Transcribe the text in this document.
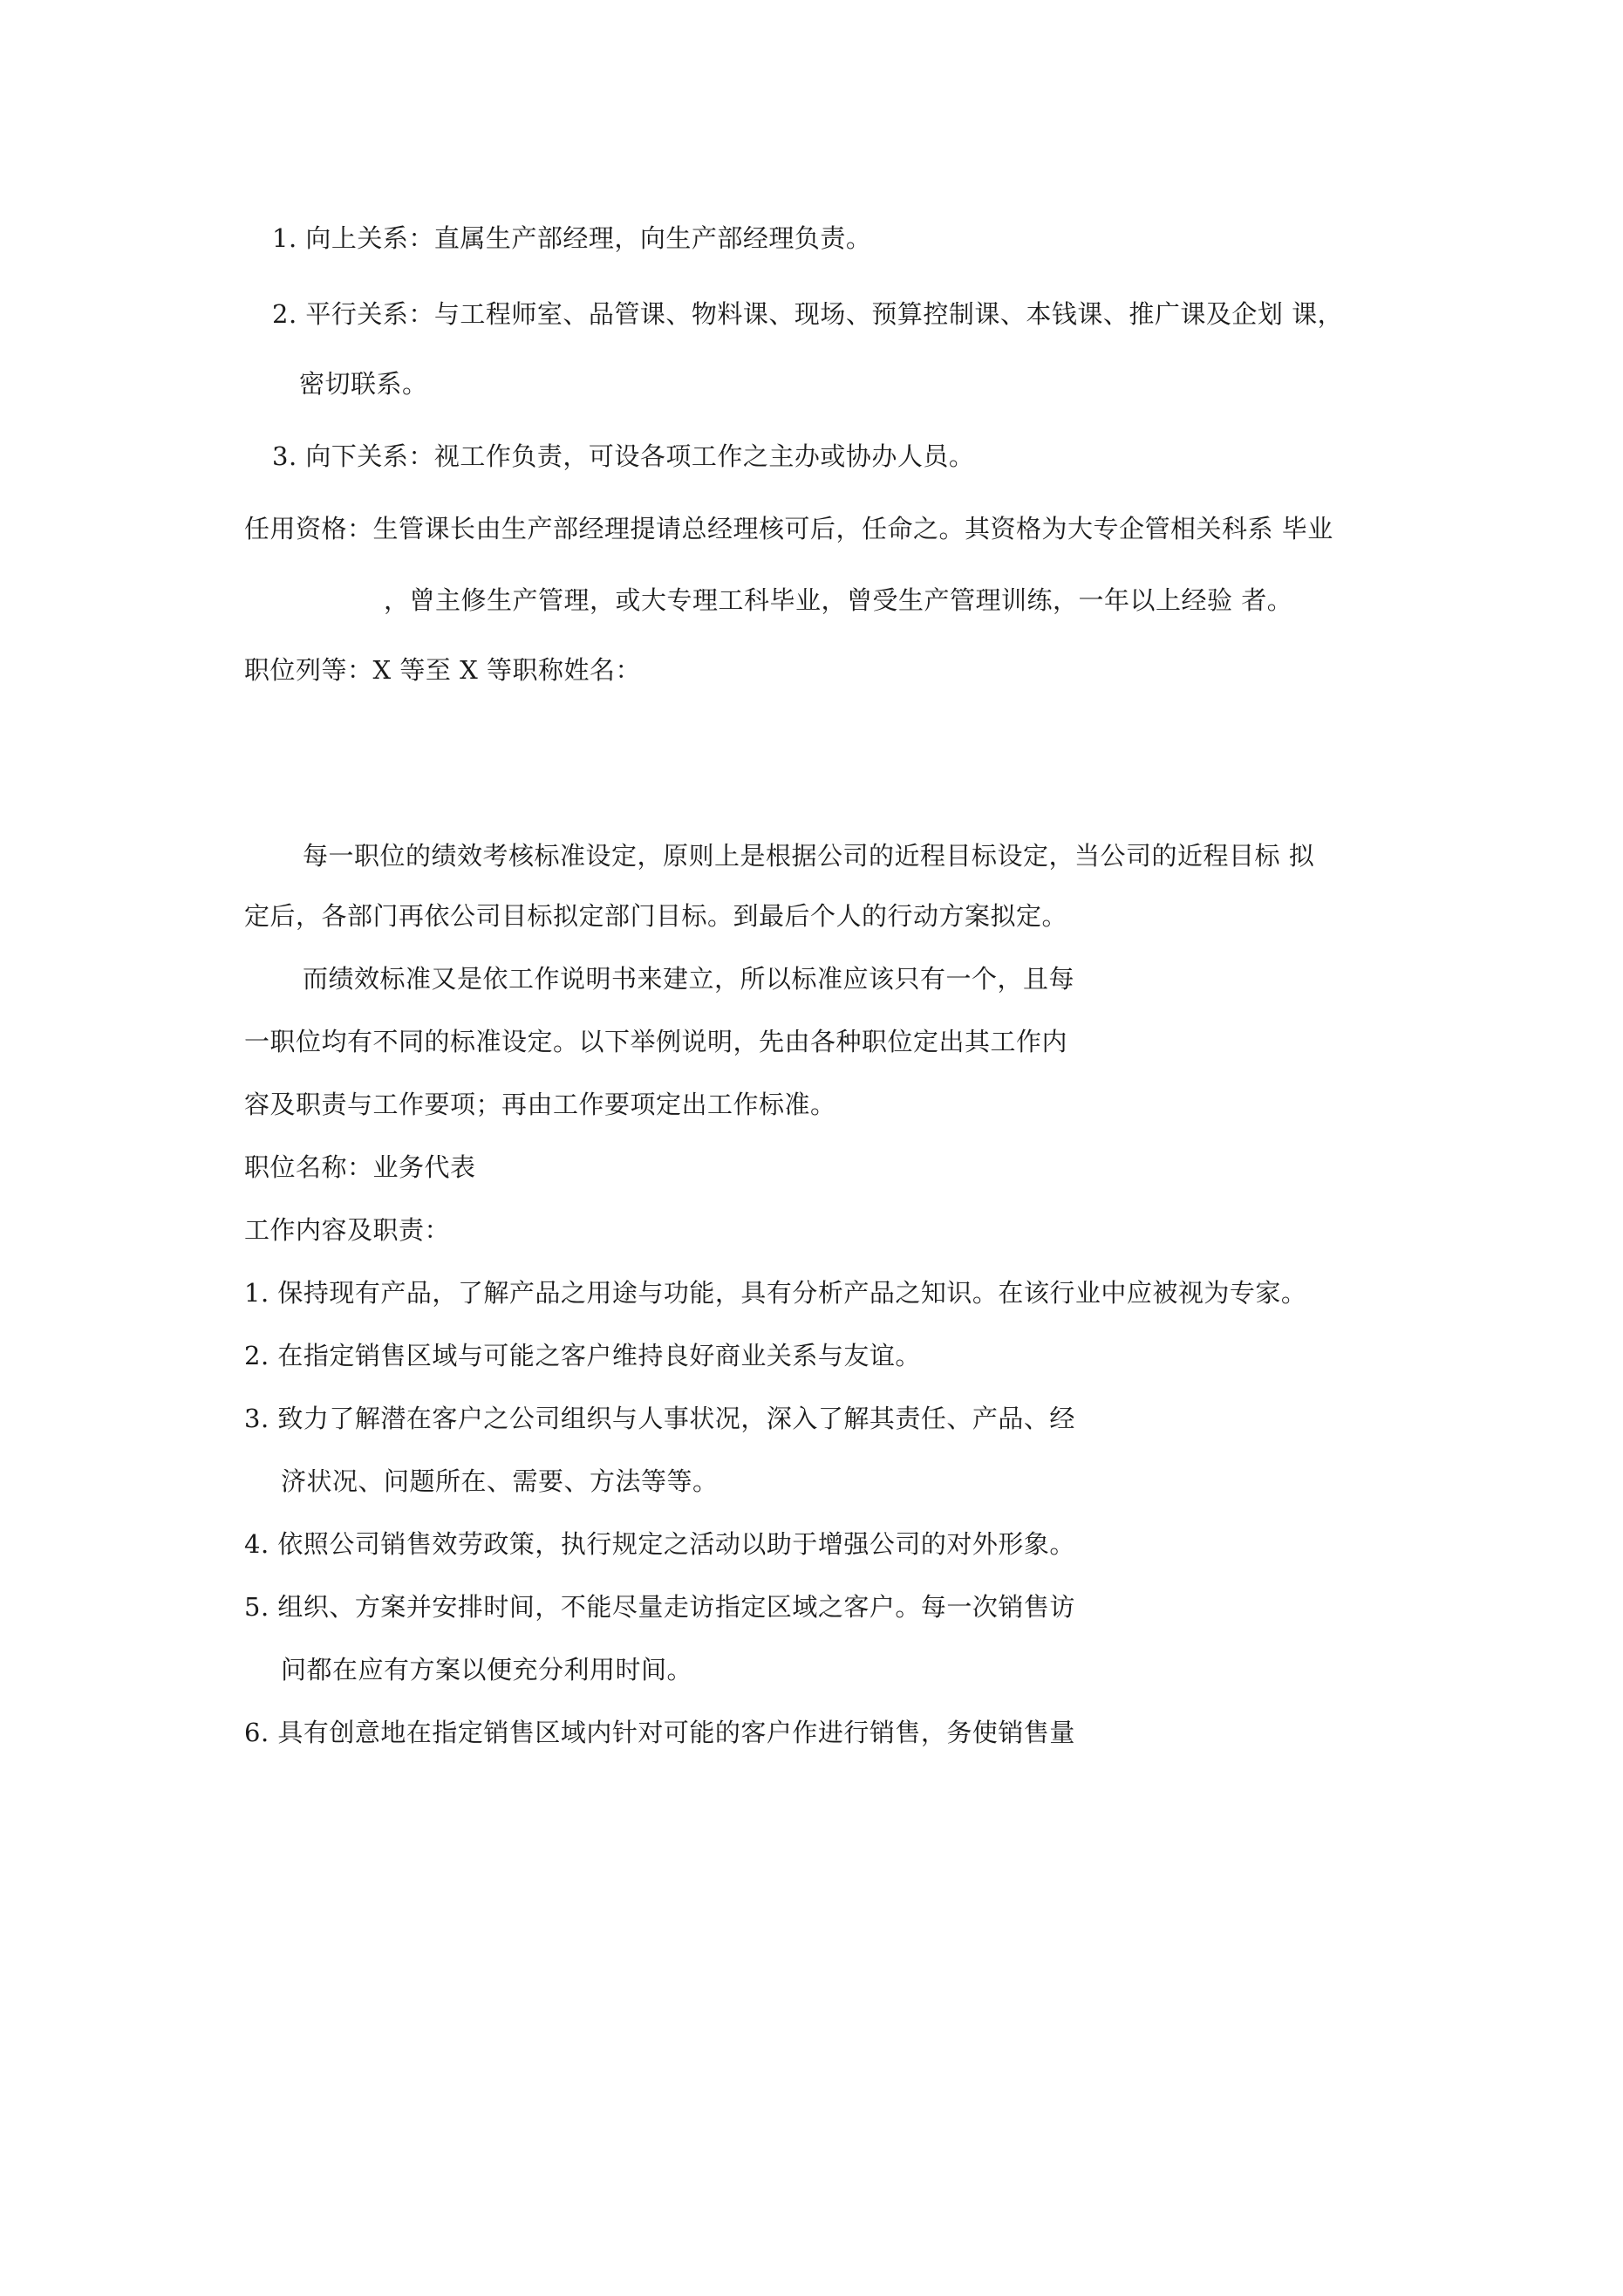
1. 向上关系：直属生产部经理，向生产部经理负责。
2. 平行关系：与工程师室、品管课、物料课、现场、预算控制课、本钱课、推广课及企划 课，
密切联系。
3. 向下关系：视工作负责，可设各项工作之主办或协办人员。
任用资格：生管课长由生产部经理提请总经理核可后，任命之。其资格为大专企管相关科系 毕业
，曾主修生产管理，或大专理工科毕业，曾受生产管理训练，一年以上经验 者。
职位列等：X 等至 X 等职称姓名：
每一职位的绩效考核标准设定，原则上是根据公司的近程目标设定，当公司的近程目标 拟
定后，各部门再依公司目标拟定部门目标。到最后个人的行动方案拟定。
而绩效标准又是依工作说明书来建立，所以标准应该只有一个，且每
一职位均有不同的标准设定。以下举例说明，先由各种职位定出其工作内
容及职责与工作要项；再由工作要项定出工作标准。
职位名称：业务代表
工作内容及职责：
1. 保持现有产品，了解产品之用途与功能，具有分析产品之知识。在该行业中应被视为专家。
2. 在指定销售区域与可能之客户维持良好商业关系与友谊。
3. 致力了解潜在客户之公司组织与人事状况，深入了解其责任、产品、经
济状况、问题所在、需要、方法等等。
4. 依照公司销售效劳政策，执行规定之活动以助于增强公司的对外形象。
5. 组织、方案并安排时间，不能尽量走访指定区域之客户。每一次销售访
问都在应有方案以便充分利用时间。
6. 具有创意地在指定销售区域内针对可能的客户作进行销售，务使销售量
